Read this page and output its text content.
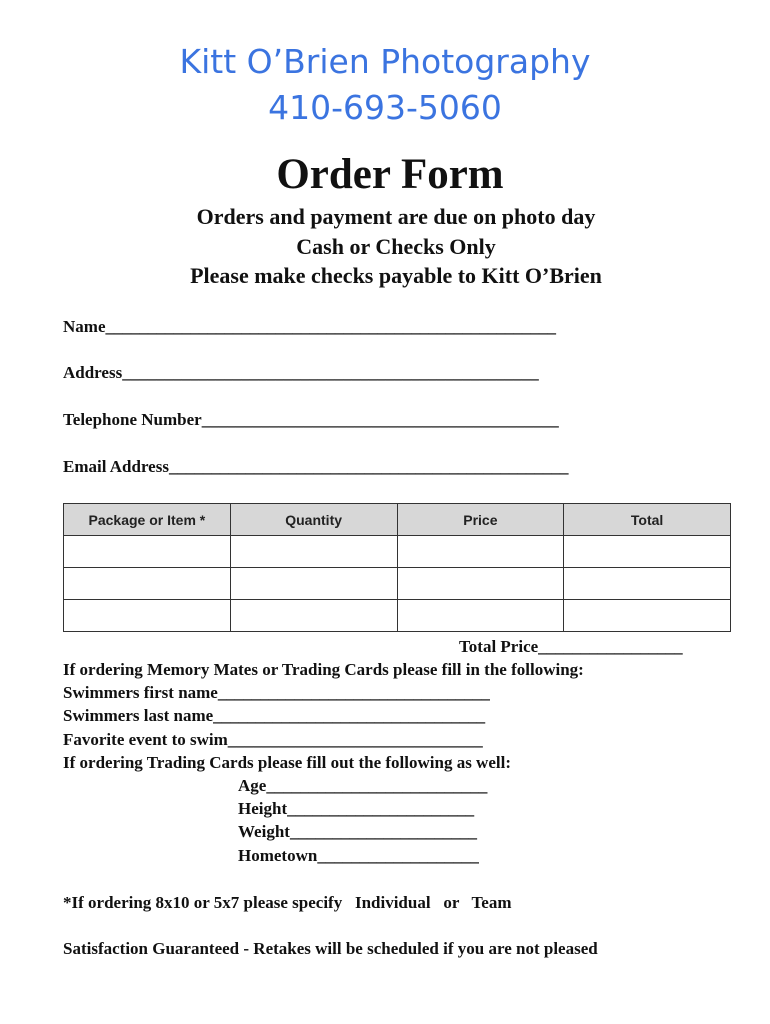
Kitt O’Brien Photography
410-693-5060
Order Form
Orders and payment are due on photo day
Cash or Checks Only
Please make checks payable to Kitt O’Brien
Name_____________________________________________________
Address_________________________________________________
Telephone Number__________________________________________
Email Address_______________________________________________
Package or Item *	Quantity	Price	Total

Total Price_________________
If ordering Memory Mates or Trading Cards please fill in the following:
Swimmers first name________________________________
Swimmers last name________________________________
Favorite event to swim______________________________
If ordering Trading Cards please fill out the following as well:
Age__________________________
Height______________________
Weight______________________
Hometown___________________
*If ordering 8x10 or 5x7 please specify   Individual   or   Team
Satisfaction Guaranteed - Retakes will be scheduled if you are not pleased
